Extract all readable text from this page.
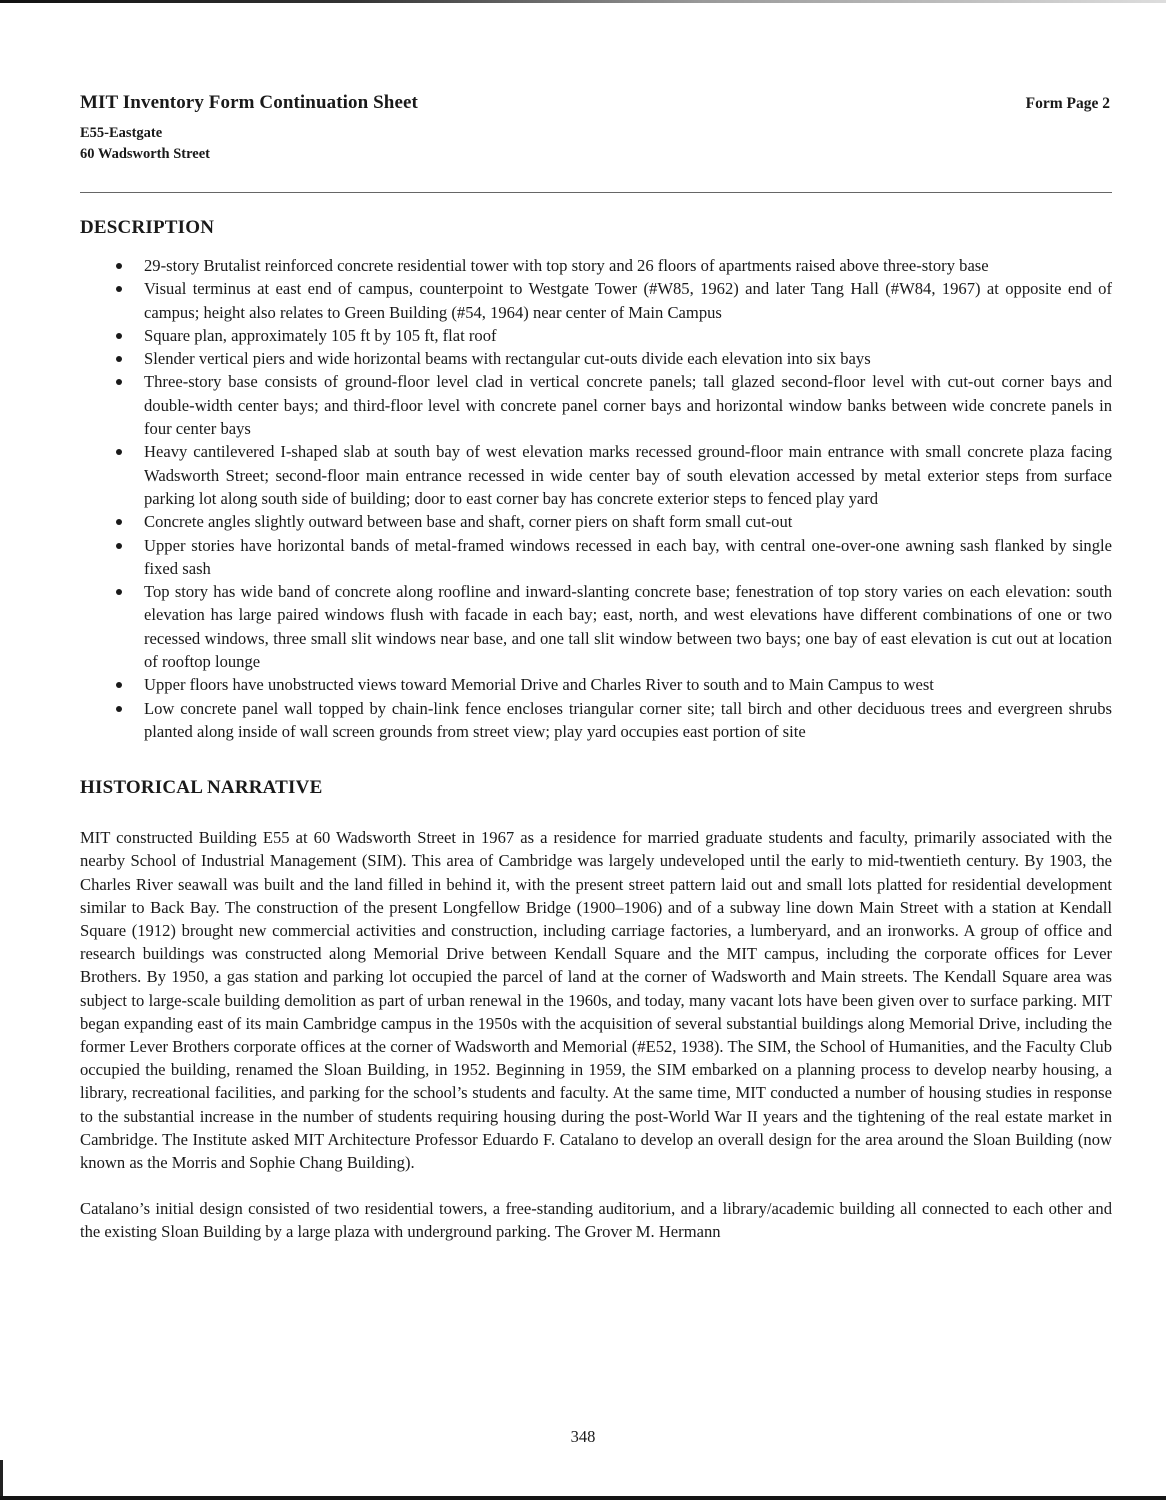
MIT Inventory Form Continuation Sheet	Form Page 2
E55-Eastgate
60 Wadsworth Street
DESCRIPTION
29-story Brutalist reinforced concrete residential tower with top story and 26 floors of apartments raised above three-story base
Visual terminus at east end of campus, counterpoint to Westgate Tower (#W85, 1962) and later Tang Hall (#W84, 1967) at opposite end of campus; height also relates to Green Building (#54, 1964) near center of Main Campus
Square plan, approximately 105 ft by 105 ft, flat roof
Slender vertical piers and wide horizontal beams with rectangular cut-outs divide each elevation into six bays
Three-story base consists of ground-floor level clad in vertical concrete panels; tall glazed second-floor level with cut-out corner bays and double-width center bays; and third-floor level with concrete panel corner bays and horizontal window banks between wide concrete panels in four center bays
Heavy cantilevered I-shaped slab at south bay of west elevation marks recessed ground-floor main entrance with small concrete plaza facing Wadsworth Street; second-floor main entrance recessed in wide center bay of south elevation accessed by metal exterior steps from surface parking lot along south side of building; door to east corner bay has concrete exterior steps to fenced play yard
Concrete angles slightly outward between base and shaft, corner piers on shaft form small cut-out
Upper stories have horizontal bands of metal-framed windows recessed in each bay, with central one-over-one awning sash flanked by single fixed sash
Top story has wide band of concrete along roofline and inward-slanting concrete base; fenestration of top story varies on each elevation: south elevation has large paired windows flush with facade in each bay; east, north, and west elevations have different combinations of one or two recessed windows, three small slit windows near base, and one tall slit window between two bays; one bay of east elevation is cut out at location of rooftop lounge
Upper floors have unobstructed views toward Memorial Drive and Charles River to south and to Main Campus to west
Low concrete panel wall topped by chain-link fence encloses triangular corner site; tall birch and other deciduous trees and evergreen shrubs planted along inside of wall screen grounds from street view; play yard occupies east portion of site
HISTORICAL NARRATIVE

MIT constructed Building E55 at 60 Wadsworth Street in 1967 as a residence for married graduate students and faculty, primarily associated with the nearby School of Industrial Management (SIM). This area of Cambridge was largely undeveloped until the early to mid-twentieth century. By 1903, the Charles River seawall was built and the land filled in behind it, with the present street pattern laid out and small lots platted for residential development similar to Back Bay. The construction of the present Longfellow Bridge (1900–1906) and of a subway line down Main Street with a station at Kendall Square (1912) brought new commercial activities and construction, including carriage factories, a lumberyard, and an ironworks. A group of office and research buildings was constructed along Memorial Drive between Kendall Square and the MIT campus, including the corporate offices for Lever Brothers. By 1950, a gas station and parking lot occupied the parcel of land at the corner of Wadsworth and Main streets. The Kendall Square area was subject to large-scale building demolition as part of urban renewal in the 1960s, and today, many vacant lots have been given over to surface parking. MIT began expanding east of its main Cambridge campus in the 1950s with the acquisition of several substantial buildings along Memorial Drive, including the former Lever Brothers corporate offices at the corner of Wadsworth and Memorial (#E52, 1938). The SIM, the School of Humanities, and the Faculty Club occupied the building, renamed the Sloan Building, in 1952. Beginning in 1959, the SIM embarked on a planning process to develop nearby housing, a library, recreational facilities, and parking for the school’s students and faculty. At the same time, MIT conducted a number of housing studies in response to the substantial increase in the number of students requiring housing during the post-World War II years and the tightening of the real estate market in Cambridge. The Institute asked MIT Architecture Professor Eduardo F. Catalano to develop an overall design for the area around the Sloan Building (now known as the Morris and Sophie Chang Building).

Catalano’s initial design consisted of two residential towers, a free-standing auditorium, and a library/academic building all connected to each other and the existing Sloan Building by a large plaza with underground parking. The Grover M. Hermann

348
